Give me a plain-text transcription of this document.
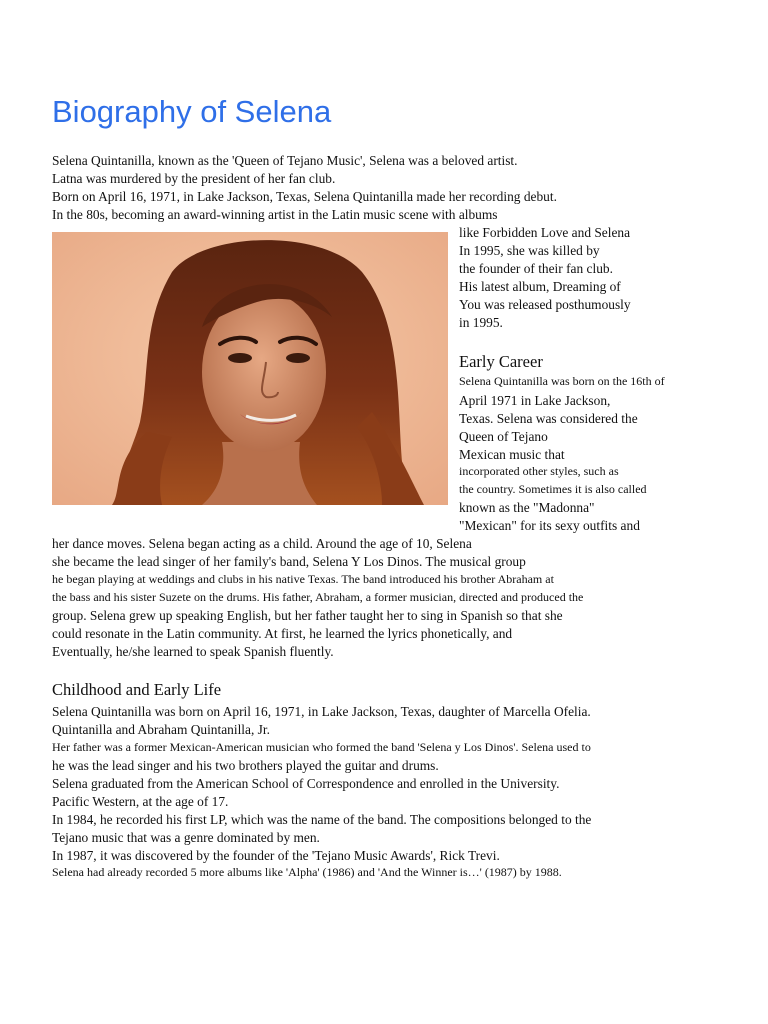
Biography of Selena
Selena Quintanilla, known as the 'Queen of Tejano Music', Selena was a beloved artist.
Latna was murdered by the president of her fan club.
Born on April 16, 1971, in Lake Jackson, Texas, Selena Quintanilla made her recording debut.
In the 80s, becoming an award-winning artist in the Latin music scene with albums
like Forbidden Love and Selena
In 1995, she was killed by
the founder of their fan club.
His latest album, Dreaming of
You was released posthumously
in 1995.
Early Career
Selena Quintanilla was born on the 16th of
April 1971 in Lake Jackson,
Texas. Selena was considered the
Queen of Tejano
Mexican music that
incorporated other styles, such as
the country. Sometimes it is also called
known as the "Madonna"
"Mexican" for its sexy outfits and
her dance moves. Selena began acting as a child. Around the age of 10, Selena
she became the lead singer of her family's band, Selena Y Los Dinos. The musical group
he began playing at weddings and clubs in his native Texas. The band introduced his brother Abraham at
the bass and his sister Suzete on the drums. His father, Abraham, a former musician, directed and produced the
group. Selena grew up speaking English, but her father taught her to sing in Spanish so that she
could resonate in the Latin community. At first, he learned the lyrics phonetically, and
Eventually, he/she learned to speak Spanish fluently.
Childhood and Early Life
Selena Quintanilla was born on April 16, 1971, in Lake Jackson, Texas, daughter of Marcella Ofelia.
Quintanilla and Abraham Quintanilla, Jr.
Her father was a former Mexican-American musician who formed the band 'Selena y Los Dinos'. Selena used to
he was the lead singer and his two brothers played the guitar and drums.
Selena graduated from the American School of Correspondence and enrolled in the University.
Pacific Western, at the age of 17.
In 1984, he recorded his first LP, which was the name of the band. The compositions belonged to the
Tejano music that was a genre dominated by men.
In 1987, it was discovered by the founder of the 'Tejano Music Awards', Rick Trevi.
Selena had already recorded 5 more albums like 'Alpha' (1986) and 'And the Winner is…' (1987) by 1988.
